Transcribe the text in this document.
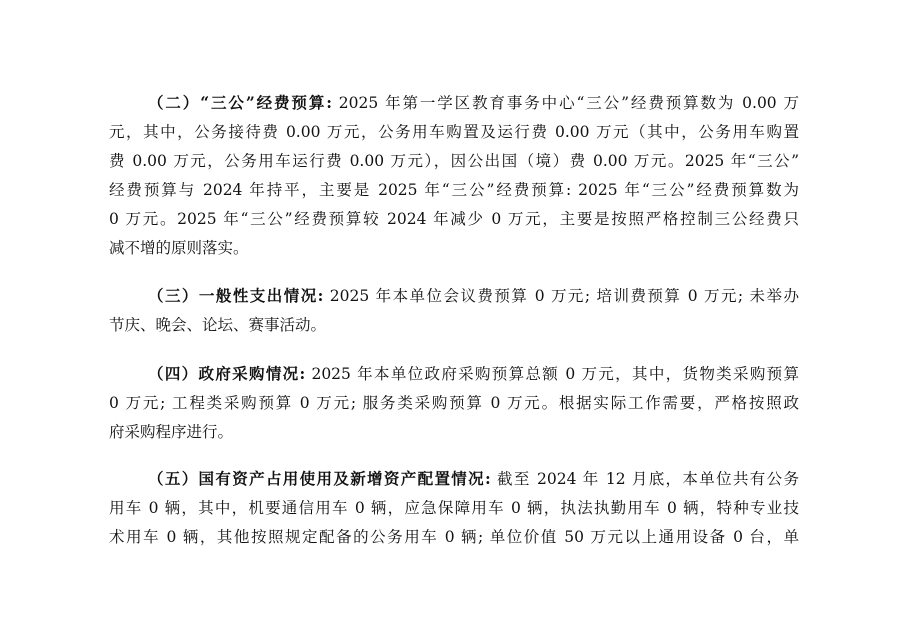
（二）“三公”经费预算: 2025 年第一学区教育事务中心“三公”经费预算数为 0.00 万
元，其中，公务接待费 0.00 万元，公务用车购置及运行费 0.00 万元（其中，公务用车购置
费 0.00 万元，公务用车运行费 0.00 万元），因公出国（境）费 0.00 万元。2025 年“三公”
经费预算与 2024 年持平，主要是 2025 年“三公”经费预算: 2025 年“三公”经费预算数为
0 万元。2025 年“三公”经费预算较 2024 年减少 0 万元，主要是按照严格控制三公经费只
减不增的原则落实。
（三）一般性支出情况: 2025 年本单位会议费预算 0 万元; 培训费预算 0 万元; 未举办
节庆、晚会、论坛、赛事活动。
（四）政府采购情况: 2025 年本单位政府采购预算总额 0 万元，其中，货物类采购预算
0 万元; 工程类采购预算 0 万元; 服务类采购预算 0 万元。根据实际工作需要，严格按照政
府采购程序进行。
（五）国有资产占用使用及新增资产配置情况: 截至 2024 年 12 月底，本单位共有公务
用车 0 辆，其中，机要通信用车 0 辆，应急保障用车 0 辆，执法执勤用车 0 辆，特种专业技
术用车 0 辆，其他按照规定配备的公务用车 0 辆; 单位价值 50 万元以上通用设备 0 台，单
